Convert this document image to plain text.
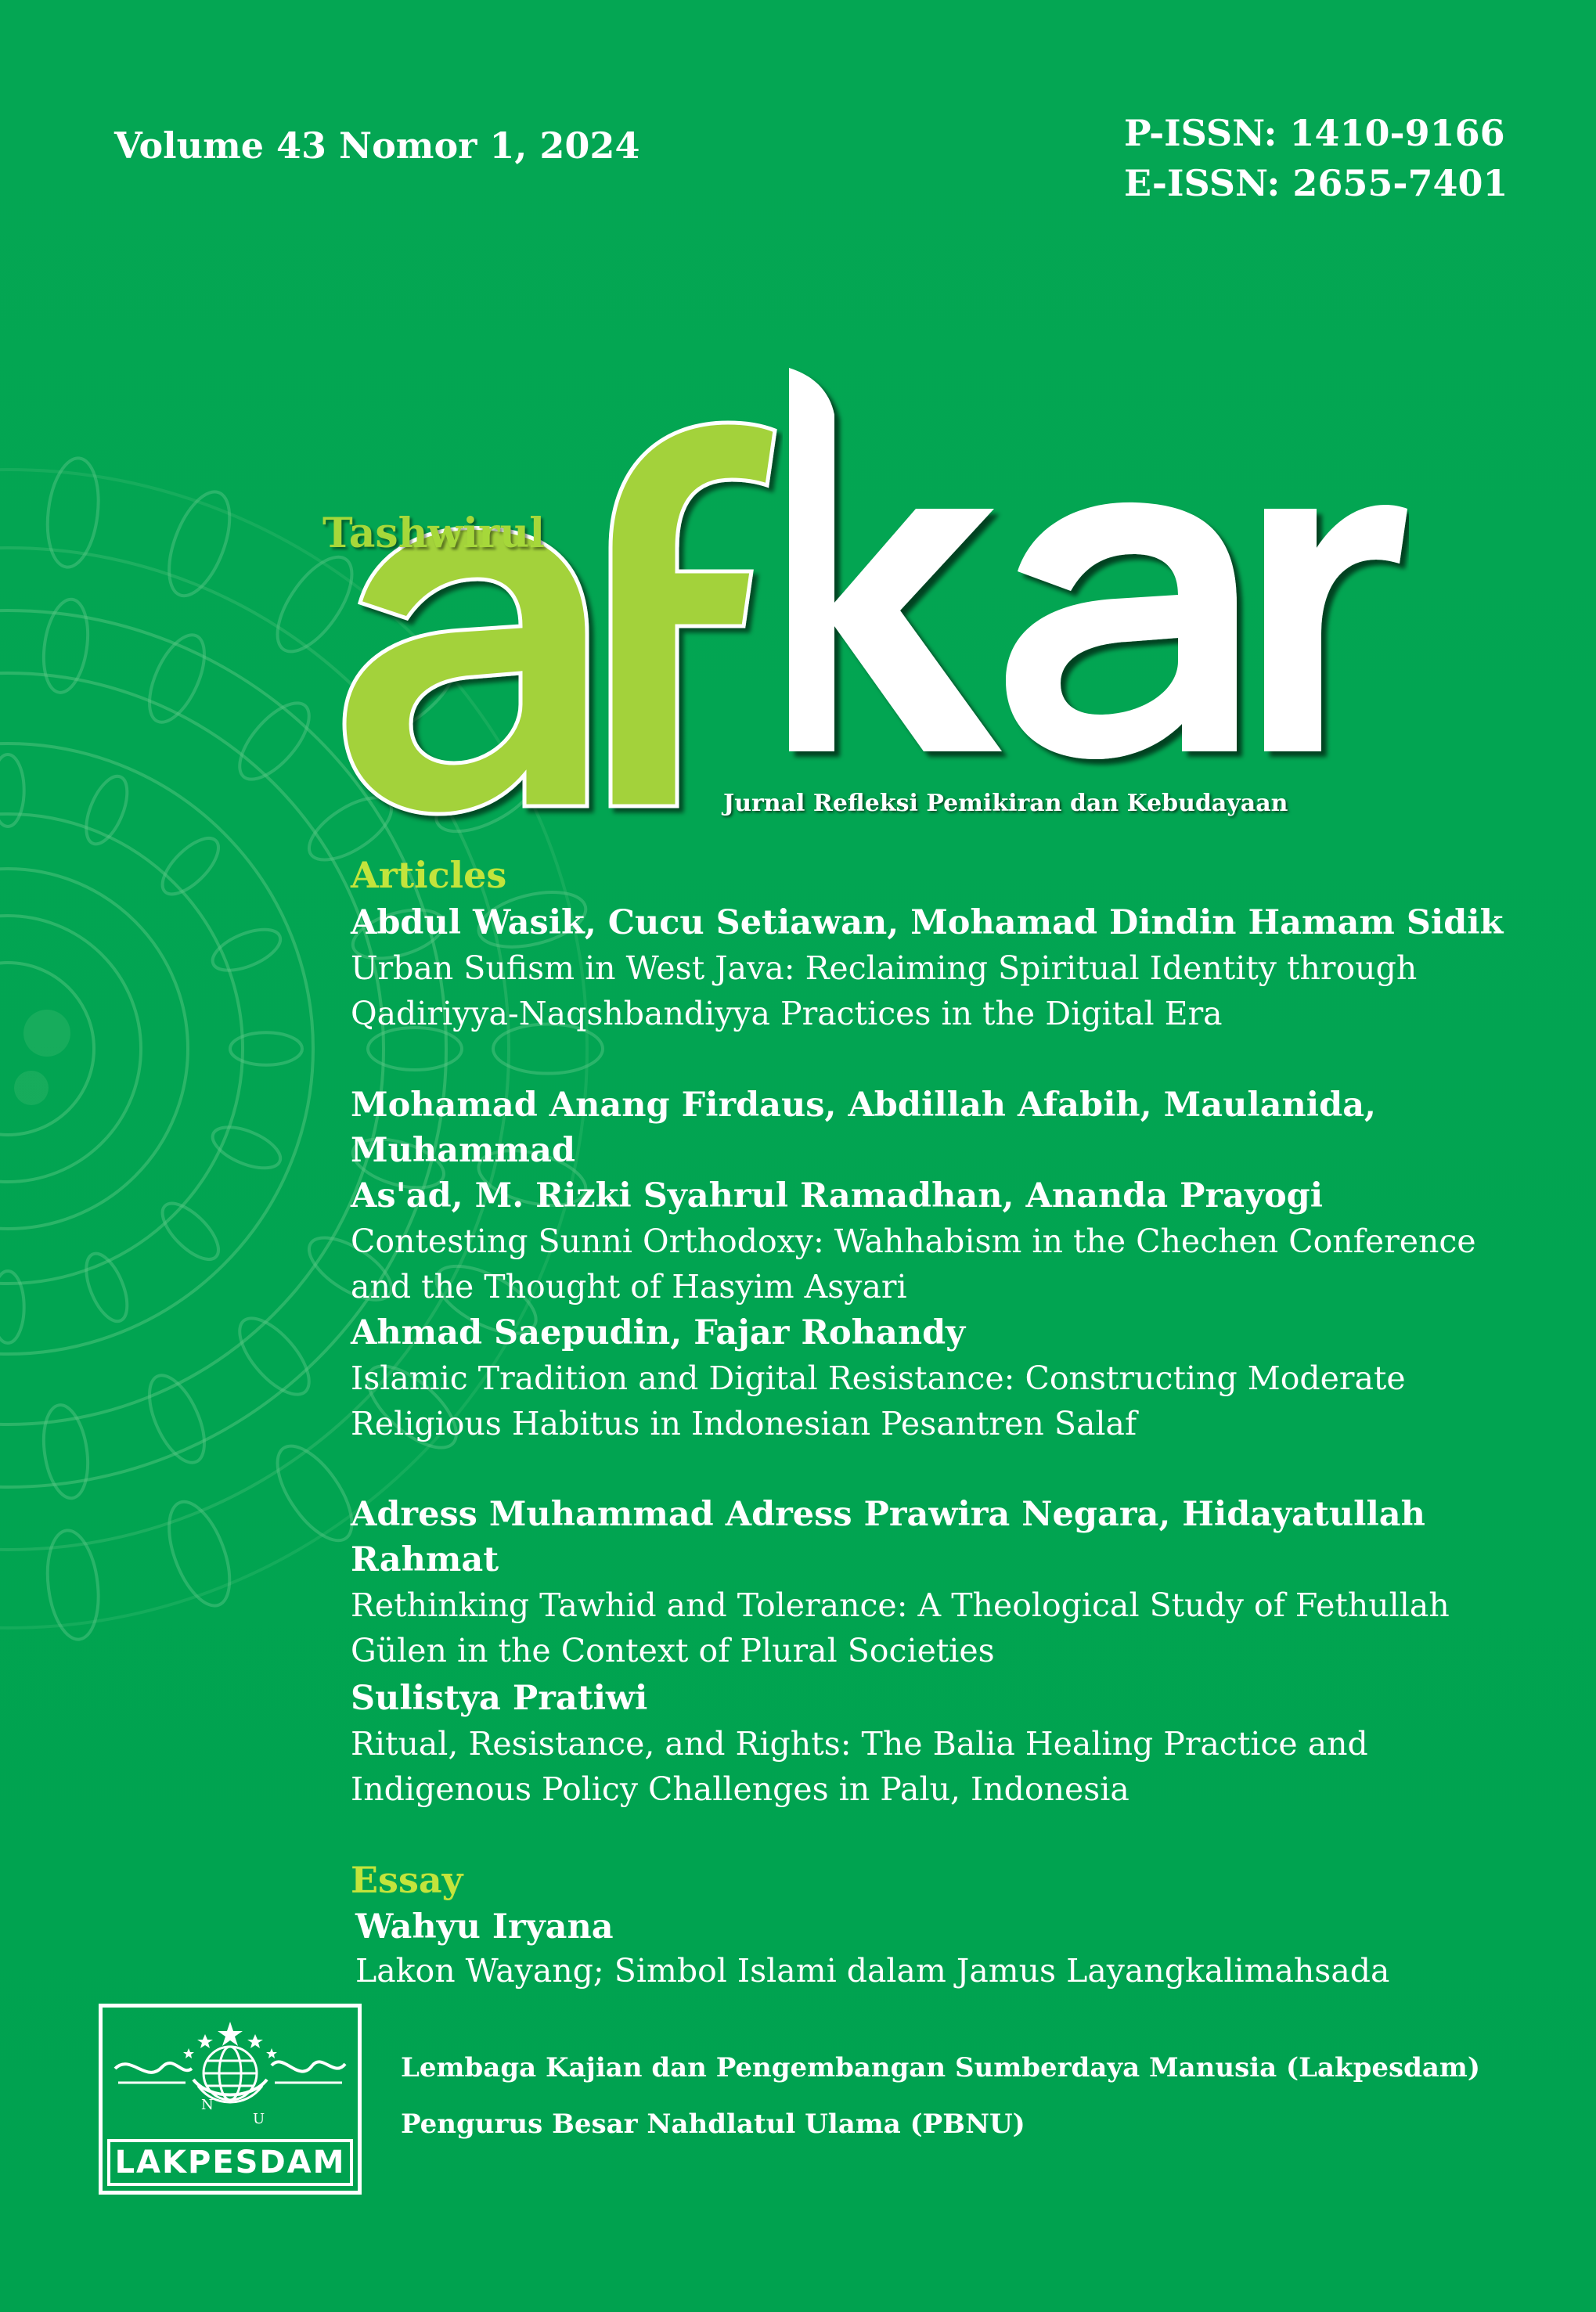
Volume 43 Nomor 1, 2024	P-ISSN: 1410-9166
E-ISSN: 2655-7401
Tashwirul
Jurnal Refleksi Pemikiran dan Kebudayaan
Articles
Abdul Wasik, Cucu Setiawan, Mohamad Dindin Hamam Sidik
Urban Sufism in West Java: Reclaiming Spiritual Identity through
Qadiriyya-Naqshbandiyya Practices in the Digital Era
Mohamad Anang Firdaus, Abdillah Afabih, Maulanida, Muhammad
As'ad, M. Rizki Syahrul Ramadhan, Ananda Prayogi
Contesting Sunni Orthodoxy: Wahhabism in the Chechen Conference
and the Thought of Hasyim Asyari
Ahmad Saepudin, Fajar Rohandy
Islamic Tradition and Digital Resistance: Constructing Moderate
Religious Habitus in Indonesian Pesantren Salaf
Adress Muhammad Adress Prawira Negara, Hidayatullah Rahmat
Rethinking Tawhid and Tolerance: A Theological Study of Fethullah
Gülen in the Context of Plural Societies
Sulistya Pratiwi
Ritual, Resistance, and Rights: The Balia Healing Practice and
Indigenous Policy Challenges in Palu, Indonesia
Essay
Wahyu Iryana
Lakon Wayang; Simbol Islami dalam Jamus Layangkalimahsada
N
U
LAKPESDAM
Lembaga Kajian dan Pengembangan Sumberdaya Manusia (Lakpesdam)
Pengurus Besar Nahdlatul Ulama (PBNU)
